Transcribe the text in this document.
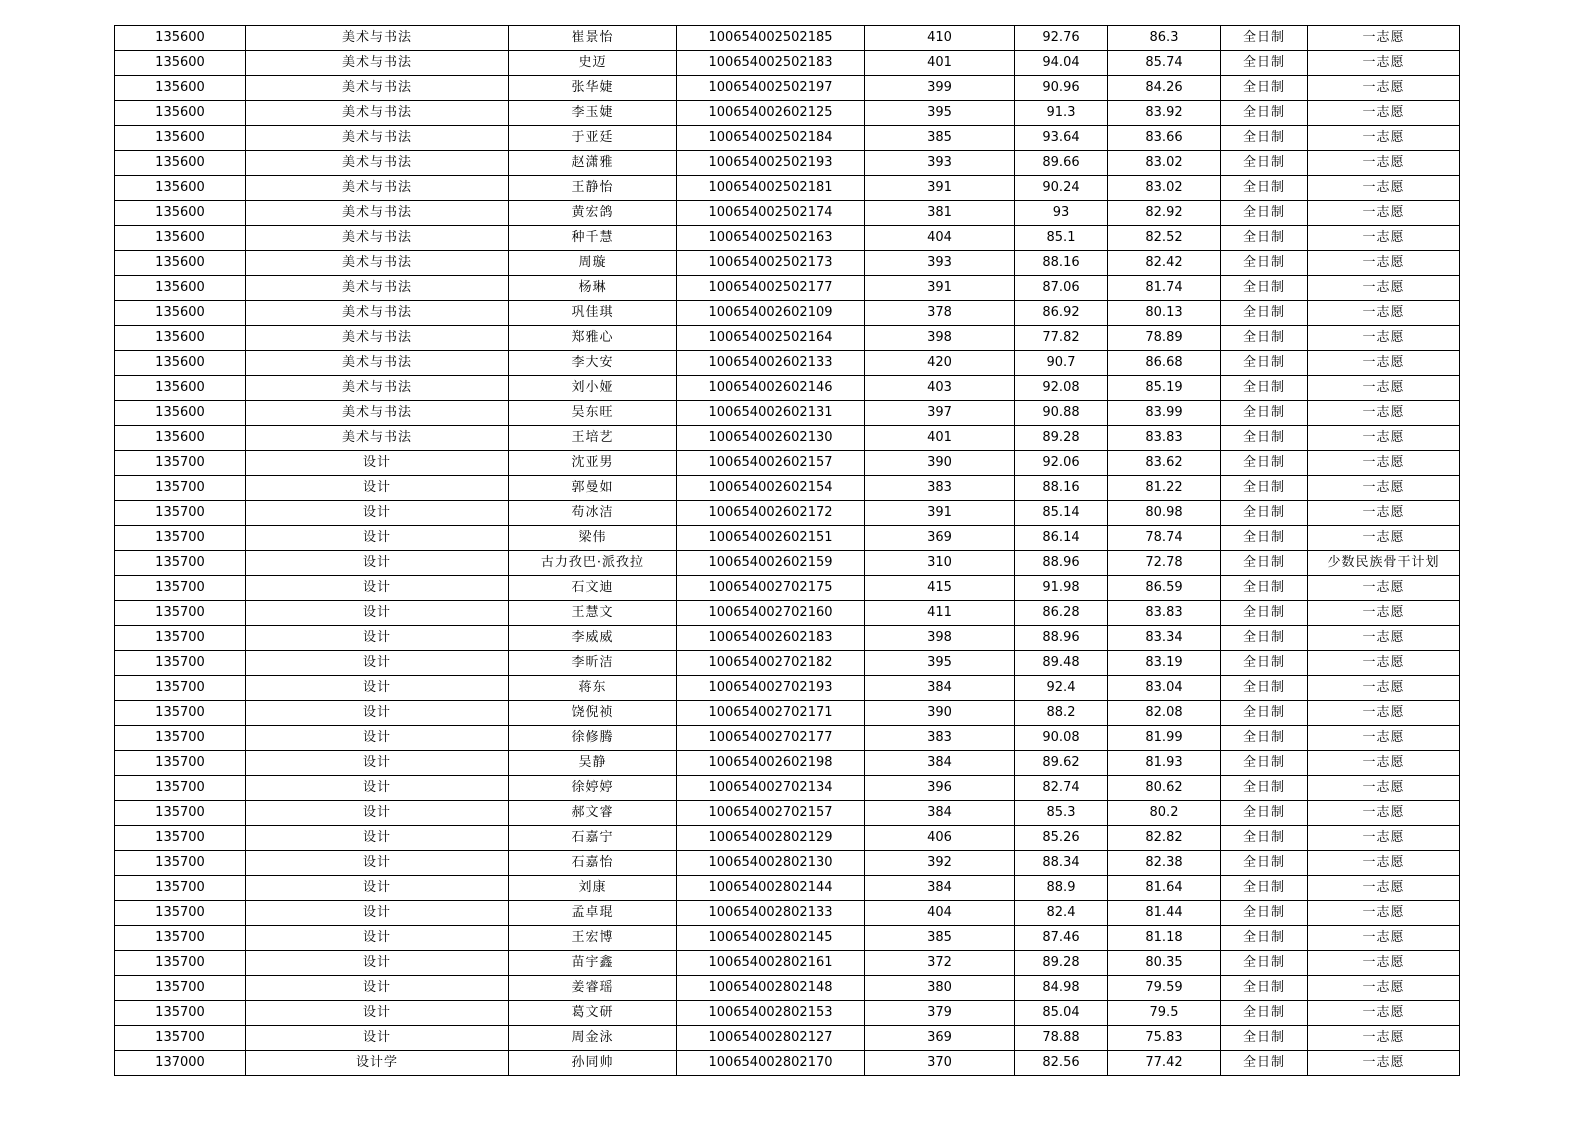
135600	美术与书法	崔景怡	100654002502185	410	92.76	86.3	全日制	一志愿
135600	美术与书法	史迈	100654002502183	401	94.04	85.74	全日制	一志愿
135600	美术与书法	张华婕	100654002502197	399	90.96	84.26	全日制	一志愿
135600	美术与书法	李玉婕	100654002602125	395	91.3	83.92	全日制	一志愿
135600	美术与书法	于亚廷	100654002502184	385	93.64	83.66	全日制	一志愿
135600	美术与书法	赵潇雅	100654002502193	393	89.66	83.02	全日制	一志愿
135600	美术与书法	王静怡	100654002502181	391	90.24	83.02	全日制	一志愿
135600	美术与书法	黄宏鸽	100654002502174	381	93	82.92	全日制	一志愿
135600	美术与书法	种千慧	100654002502163	404	85.1	82.52	全日制	一志愿
135600	美术与书法	周璇	100654002502173	393	88.16	82.42	全日制	一志愿
135600	美术与书法	杨琳	100654002502177	391	87.06	81.74	全日制	一志愿
135600	美术与书法	巩佳琪	100654002602109	378	86.92	80.13	全日制	一志愿
135600	美术与书法	郑雅心	100654002502164	398	77.82	78.89	全日制	一志愿
135600	美术与书法	李大安	100654002602133	420	90.7	86.68	全日制	一志愿
135600	美术与书法	刘小娅	100654002602146	403	92.08	85.19	全日制	一志愿
135600	美术与书法	吴东旺	100654002602131	397	90.88	83.99	全日制	一志愿
135600	美术与书法	王培艺	100654002602130	401	89.28	83.83	全日制	一志愿
135700	设计	沈亚男	100654002602157	390	92.06	83.62	全日制	一志愿
135700	设计	郭曼如	100654002602154	383	88.16	81.22	全日制	一志愿
135700	设计	苟冰洁	100654002602172	391	85.14	80.98	全日制	一志愿
135700	设计	梁伟	100654002602151	369	86.14	78.74	全日制	一志愿
135700	设计	古力孜巴·派孜拉	100654002602159	310	88.96	72.78	全日制	少数民族骨干计划
135700	设计	石文迪	100654002702175	415	91.98	86.59	全日制	一志愿
135700	设计	王慧文	100654002702160	411	86.28	83.83	全日制	一志愿
135700	设计	李威威	100654002602183	398	88.96	83.34	全日制	一志愿
135700	设计	李昕洁	100654002702182	395	89.48	83.19	全日制	一志愿
135700	设计	蒋东	100654002702193	384	92.4	83.04	全日制	一志愿
135700	设计	饶倪祯	100654002702171	390	88.2	82.08	全日制	一志愿
135700	设计	徐修腾	100654002702177	383	90.08	81.99	全日制	一志愿
135700	设计	吴静	100654002602198	384	89.62	81.93	全日制	一志愿
135700	设计	徐婷婷	100654002702134	396	82.74	80.62	全日制	一志愿
135700	设计	郝文睿	100654002702157	384	85.3	80.2	全日制	一志愿
135700	设计	石嘉宁	100654002802129	406	85.26	82.82	全日制	一志愿
135700	设计	石嘉怡	100654002802130	392	88.34	82.38	全日制	一志愿
135700	设计	刘康	100654002802144	384	88.9	81.64	全日制	一志愿
135700	设计	孟卓琨	100654002802133	404	82.4	81.44	全日制	一志愿
135700	设计	王宏博	100654002802145	385	87.46	81.18	全日制	一志愿
135700	设计	苗宇鑫	100654002802161	372	89.28	80.35	全日制	一志愿
135700	设计	姜睿瑶	100654002802148	380	84.98	79.59	全日制	一志愿
135700	设计	葛文研	100654002802153	379	85.04	79.5	全日制	一志愿
135700	设计	周金泳	100654002802127	369	78.88	75.83	全日制	一志愿
137000	设计学	孙同帅	100654002802170	370	82.56	77.42	全日制	一志愿
